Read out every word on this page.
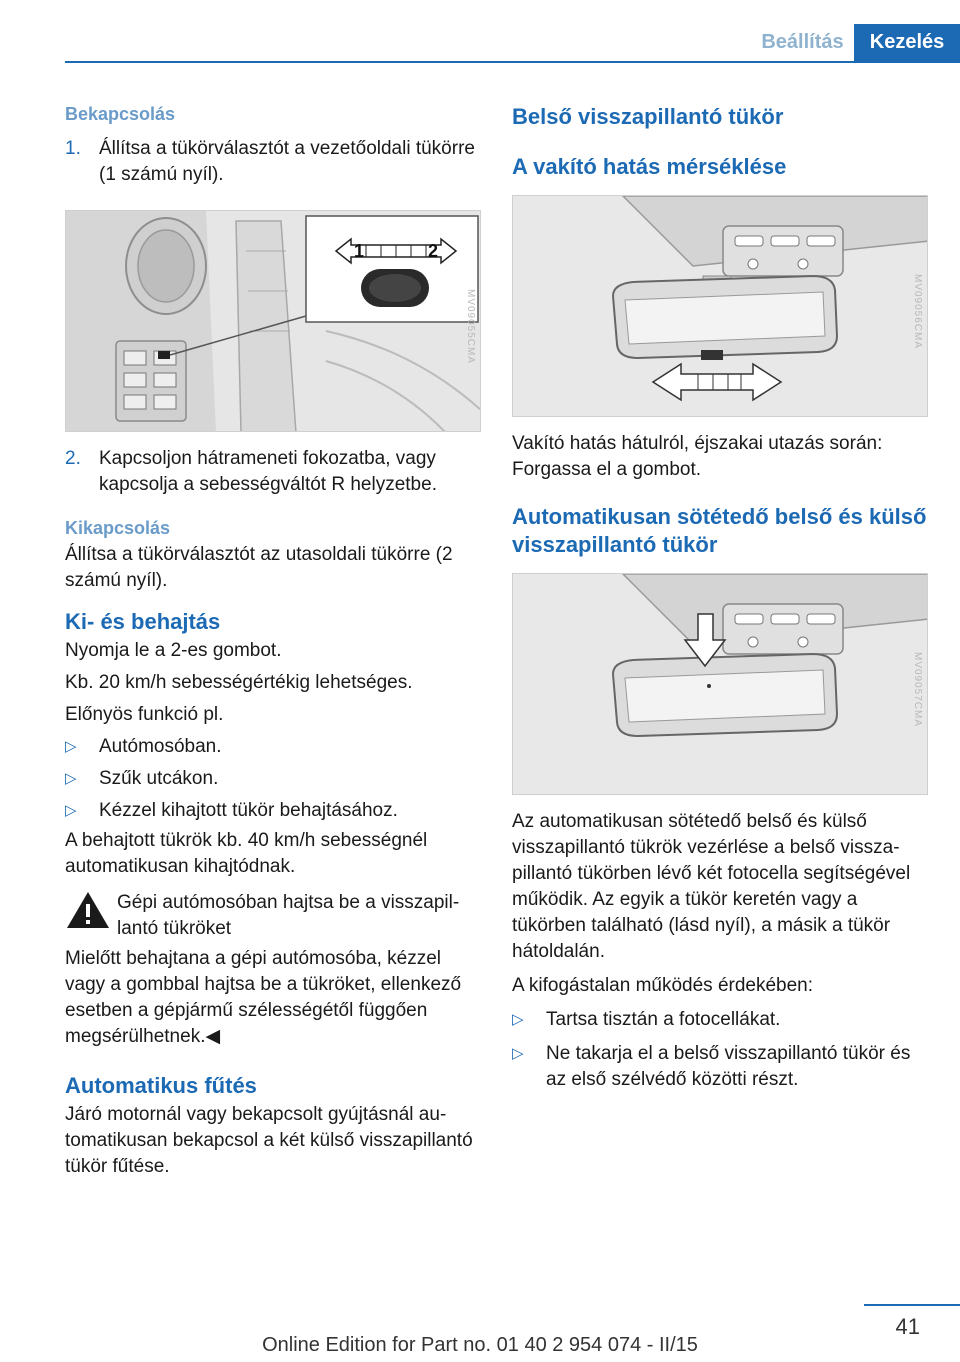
Beállítás	Kezelés
Bekapcsolás
1. Állítsa a tükörválasztót a vezetőoldali tükörre (1 számú nyíl).
1	2
MV09055CMA
2. Kapcsoljon hátrameneti fokozatba, vagy kapcsolja a sebességváltót R helyzetbe.
Kikapcsolás
Állítsa a tükörválasztót az utasoldali tükörre (2 számú nyíl).
Ki- és behajtás
Nyomja le a 2-es gombot.
Kb. 20 km/h sebességértékig lehetséges.
Előnyös funkció pl.
▷	Autómosóban.
▷	Szűk utcákon.
▷	Kézzel kihajtott tükör behajtásához.
A behajtott tükrök kb. 40 km/h sebességnél automatikusan kihajtódnak.
Gépi autómosóban hajtsa be a visszapillantó tükröket
Mielőtt behajtana a gépi autómosóba, kézzel vagy a gombbal hajtsa be a tükröket, ellenkező esetben a gépjármű szélességétől függően megsérülhetnek.◀
Automatikus fűtés
Járó motornál vagy bekapcsolt gyújtásnál automatikusan bekapcsol a két külső visszapillantó tükör fűtése.
Belső visszapillantó tükör
A vakító hatás mérséklése
MV09056CMA
Vakító hatás hátulról, éjszakai utazás során: Forgassa el a gombot.
Automatikusan sötétedő belső és külső visszapillantó tükör
MV09057CMA
Az automatikusan sötétedő belső és külső visszapillantó tükrök vezérlése a belső visszapillantó tükörben lévő két fotocella segítségével működik. Az egyik a tükör keretén vagy a tükörben található (lásd nyíl), a másik a tükör hátoldalán.
A kifogástalan működés érdekében:
▷	Tartsa tisztán a fotocellákat.
▷	Ne takarja el a belső visszapillantó tükör és az első szélvédő közötti részt.
41
Online Edition for Part no. 01 40 2 954 074 - II/15
